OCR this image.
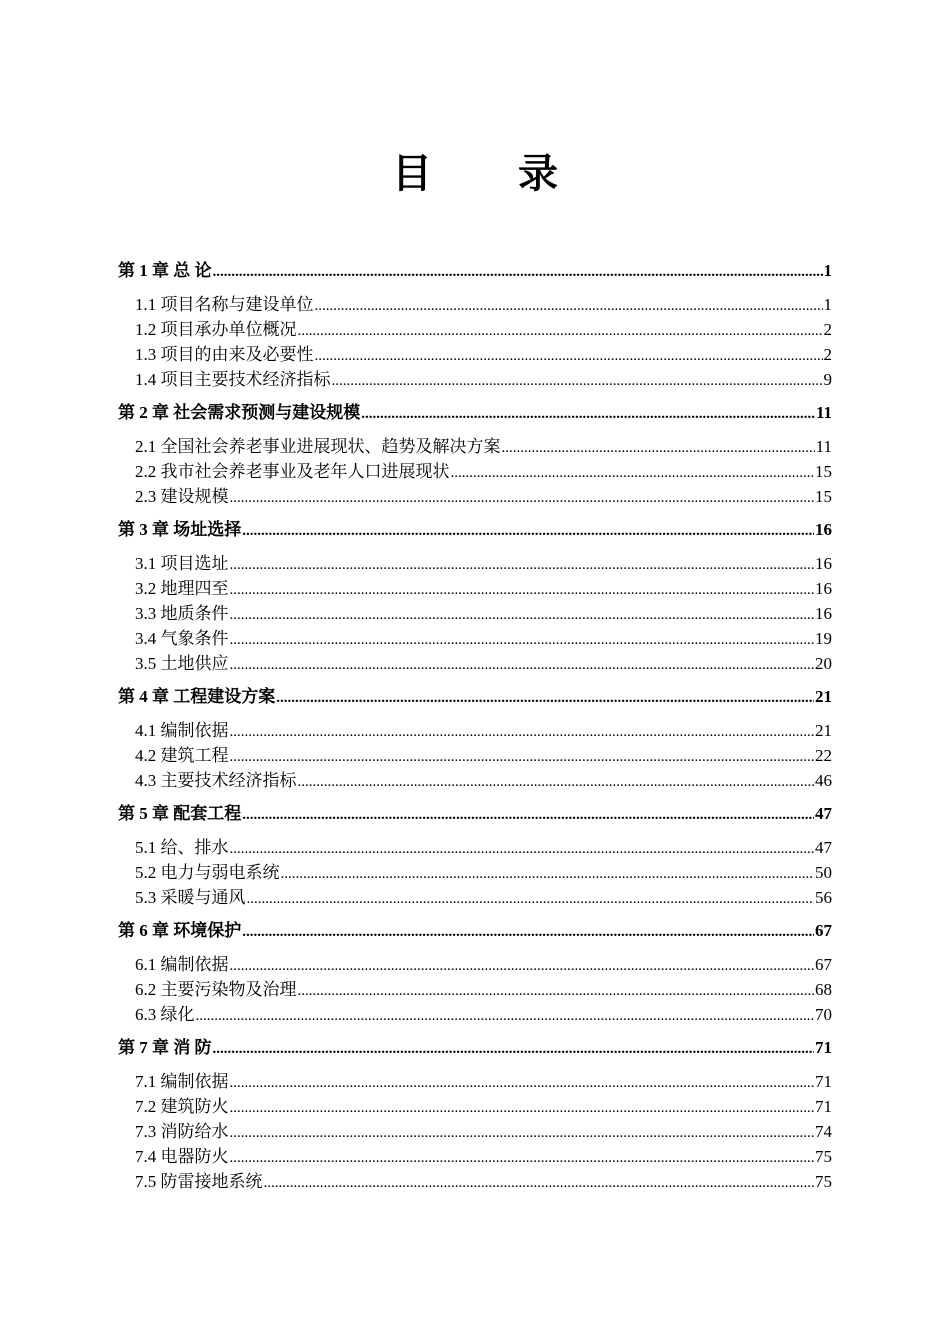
目 录
第 1 章 总 论 .....	1
1.1 项目名称与建设单位 .....	1
1.2 项目承办单位概况 .....	2
1.3 项目的由来及必要性 .....	2
1.4 项目主要技术经济指标 .....	9
第 2 章 社会需求预测与建设规模 .....	11
2.1 全国社会养老事业进展现状、趋势及解决方案 .....	11
2.2 我市社会养老事业及老年人口进展现状 .....	15
2.3 建设规模 .....	15
第 3 章 场址选择 .....	16
3.1 项目选址 .....	16
3.2 地理四至 .....	16
3.3 地质条件 .....	16
3.4 气象条件 .....	19
3.5 土地供应 .....	20
第 4 章 工程建设方案 .....	21
4.1 编制依据 .....	21
4.2 建筑工程 .....	22
4.3 主要技术经济指标 .....	46
第 5 章 配套工程 .....	47
5.1 给、排水 .....	47
5.2 电力与弱电系统 .....	50
5.3 采暖与通风 .....	56
第 6 章 环境保护 .....	67
6.1 编制依据 .....	67
6.2 主要污染物及治理 .....	68
6.3 绿化 .....	70
第 7 章 消 防 .....	71
7.1 编制依据 .....	71
7.2 建筑防火 .....	71
7.3 消防给水 .....	74
7.4 电器防火 .....	75
7.5 防雷接地系统 .....	75
